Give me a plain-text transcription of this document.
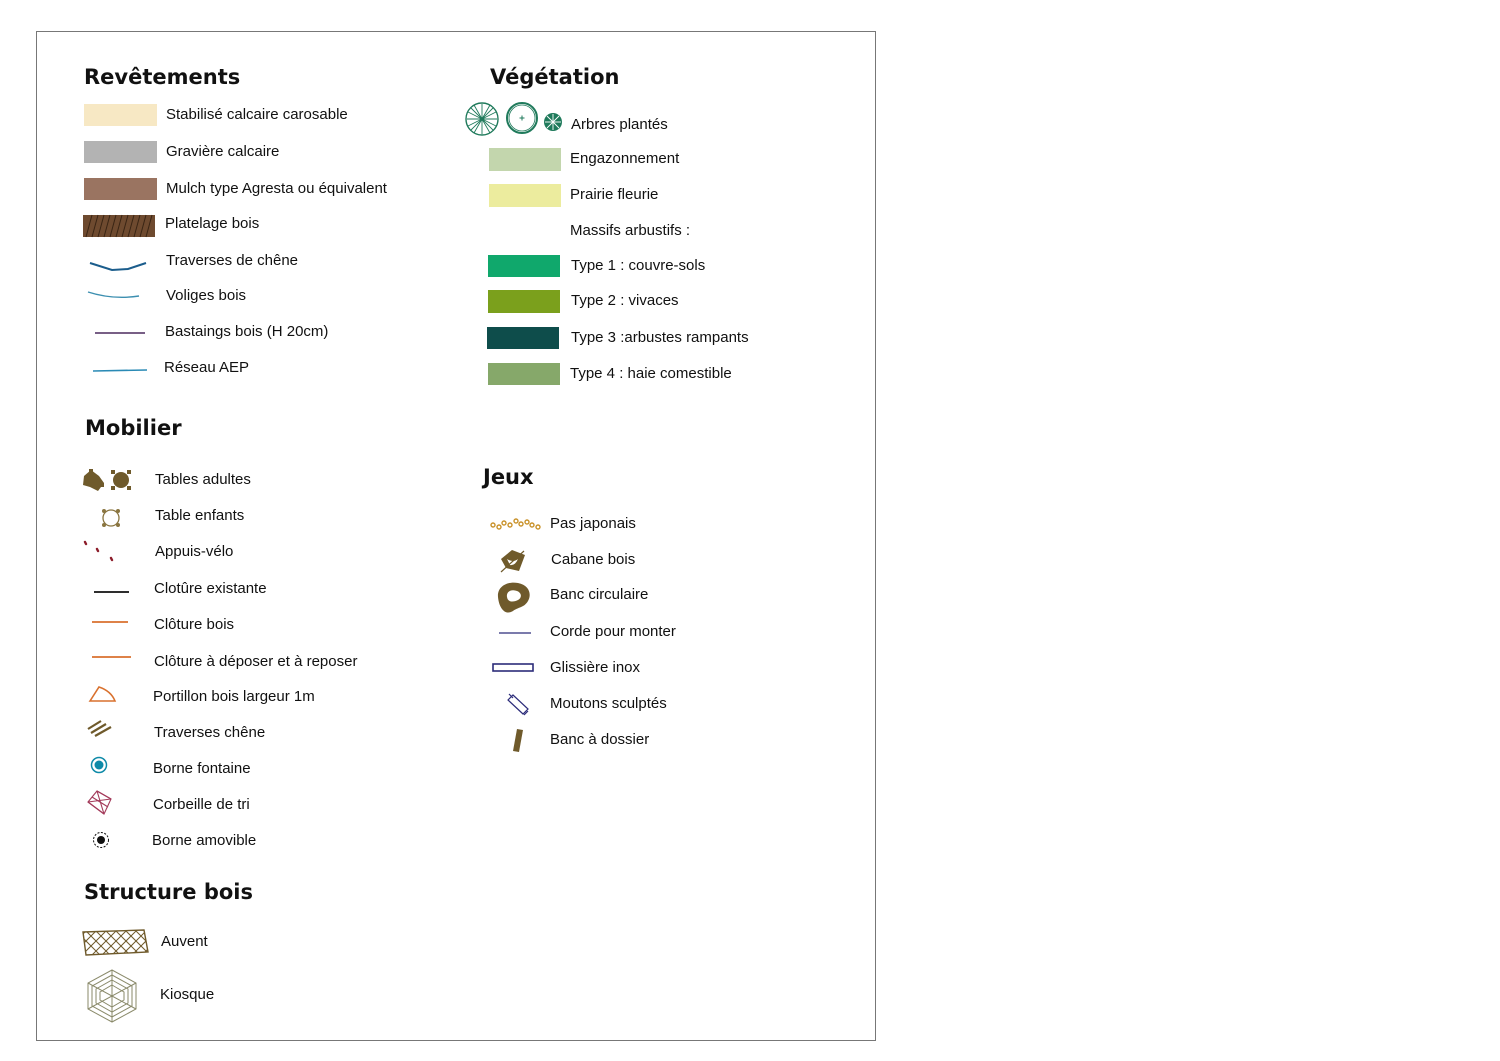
Revêtements
Stabilisé calcaire carosable
Gravière calcaire
Mulch type Agresta ou équivalent
Platelage bois
Traverses de chêne
Voliges bois
Bastaings bois (H 20cm)
Réseau AEP
Végétation
Arbres plantés
Engazonnement
Prairie fleurie
Massifs arbustifs :
Type 1 : couvre-sols
Type 2 : vivaces
Type 3 :arbustes rampants
Type 4 : haie comestible
Mobilier
Tables adultes
Table enfants
Appuis-vélo
Clotûre existante
Clôture bois
Clôture à déposer et à reposer
Portillon bois largeur 1m
Traverses chêne
Borne fontaine
Corbeille de tri
Borne amovible
Jeux
Pas japonais
Cabane bois
Banc circulaire
Corde pour monter
Glissière inox
Moutons sculptés
Banc à dossier
Structure bois
Auvent
Kiosque
